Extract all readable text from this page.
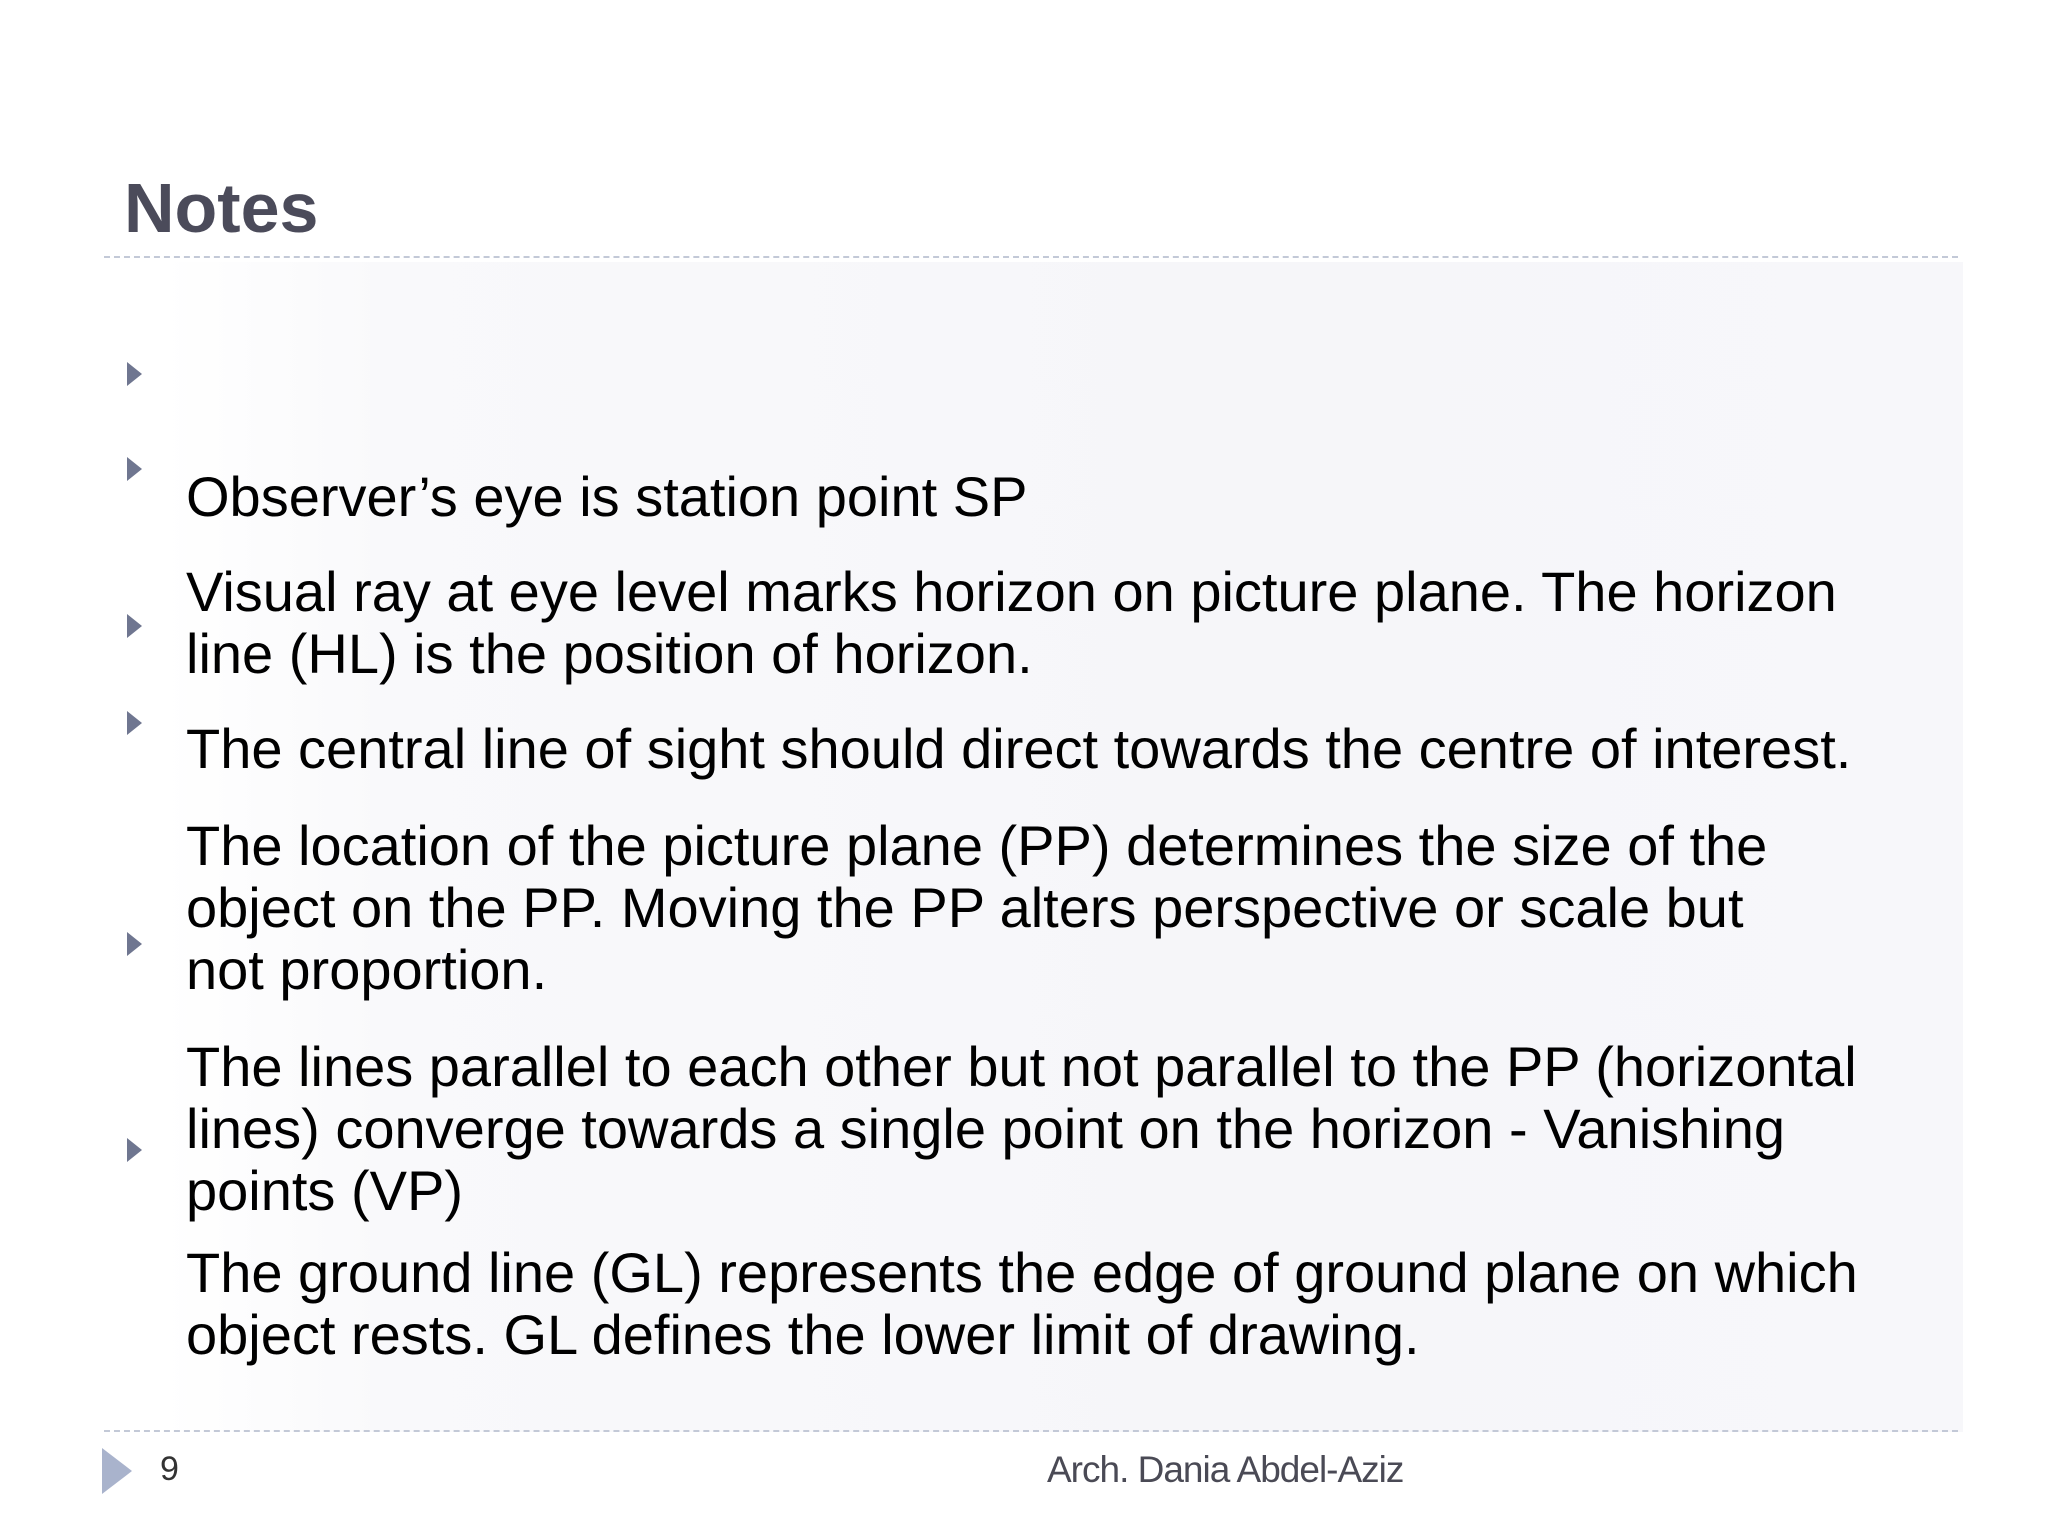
Notes

Observer’s eye is station point SP

Visual ray at eye level marks horizon on picture plane. The horizon
line (HL) is the position of horizon.

The central line of sight should direct towards the centre of interest.

The location of the picture plane (PP) determines the size of the
object on the PP. Moving the PP alters perspective or scale but
not proportion.

The lines parallel to each other but not parallel to the PP (horizontal
lines) converge towards a single point on the horizon - Vanishing
points (VP)

The ground line (GL) represents the edge of ground plane on which
object rests. GL defines the lower limit of drawing.

9	Arch. Dania Abdel-Aziz
